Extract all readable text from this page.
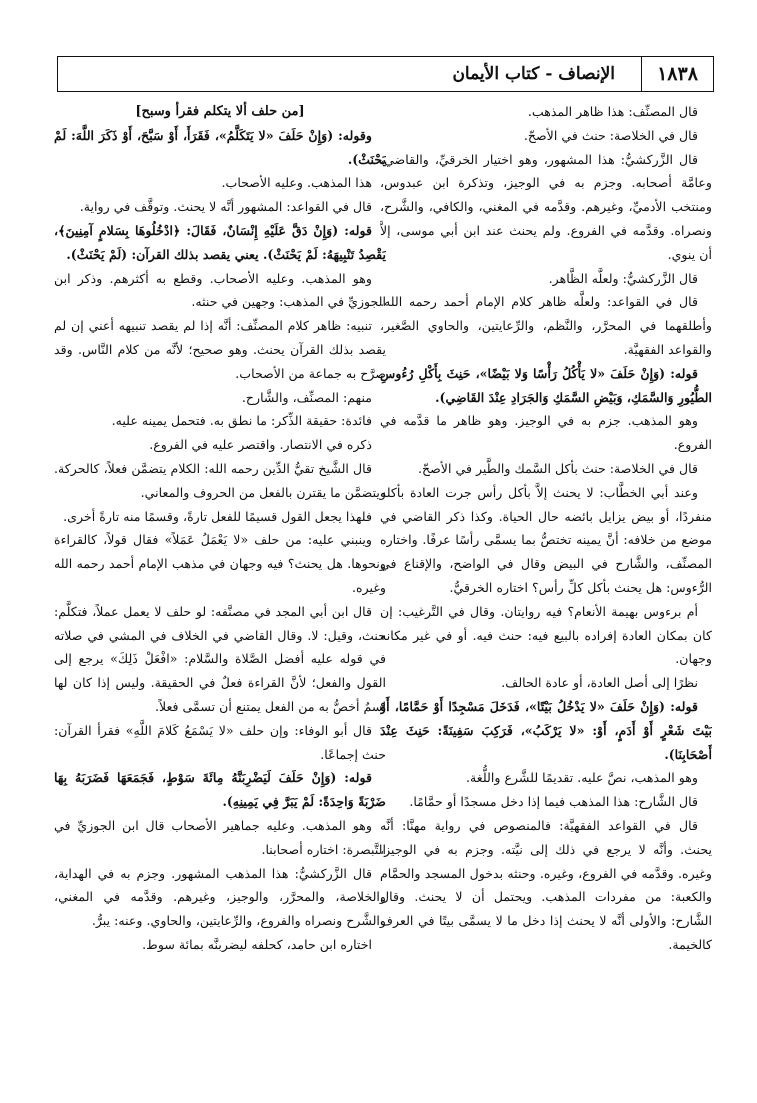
١٨٣٨
الإنصاف - كتاب الأيمان

قال المصنِّف: هذا ظاهر المذهب.

قال في الخلاصة: حنث في الأصحّ.

قال الزَّركشيُّ: هذا المشهور، وهو اختيار الخرقيِّ، والقاضي، وعامَّة أصحابه. وجزم به في الوجيز، وتذكرة ابن عبدوس، ومنتخب الأدميِّ، وغيرهم. وقدَّمه في المغني، والكافي، والشَّرح، ونصراه. وقدَّمه في الفروع. ولم يحنث عند ابن أبي موسى، إلاَّ أن ينوي.

قال الزَّركشيُّ: ولعلَّه الظَّاهر.

قال في القواعد: ولعلَّه ظاهر كلام الإمام أحمد رحمه الله. وأطلقهما في المحرَّر، والنَّظم، والرِّعايتين، والحاوي الصَّغير، والقواعد الفقهيَّة.

قوله: (وَإِنْ حَلَفَ «لا يَأْكُلُ رَأْسًا وَلا بَيْضًا»، حَنِثَ بِأَكْلِ رُءُوسِ الطُّيُورِ وَالسَّمَكِ، وَبَيْضِ السَّمَكِ وَالجَرَادِ عِنْدَ القَاضِي).

وهو المذهب. جزم به في الوجيز. وهو ظاهر ما قدَّمه في الفروع.

قال في الخلاصة: حنث بأكل السَّمك والطَّير في الأصحّ.

وعند أبي الخطَّاب: لا يحنث إلاَّ بأكل رأس جرت العادة بأكله منفردًا، أو بيض يزايل بائضه حال الحياة. وكذا ذكر القاضي في موضع من خلافه: أنَّ يمينه تختصُّ بما يسمَّى رأسًا عرفًا. واختاره المصنِّف، والشَّارح في البيض وقال في الواضح، والإقناع في الرُّءوس: هل يحنث بأكل كلِّ رأس؟ اختاره الخرقيُّ.

أم برءوس بهيمة الأنعام؟ فيه روايتان. وقال في التَّرغيب: إن كان بمكان العادة إفراده بالبيع فيه: حنث فيه. أو في غير مكانه وجهان.

نظرًا إلى أصل العادة، أو عادة الحالف.

قوله: (وَإِنْ حَلَفَ «لا يَدْخُلُ بَيْتًا»، فَدَخَلَ مَسْجِدًا أَوْ حَمَّامًا، أَوْ بَيْتَ شَعْرٍ أَوْ أَدَمٍ، أَوْ: «لا يَرْكَبُ»، فَرَكِبَ سَفِينَةً: حَنِثَ عِنْدَ أَصْحَابِنَا).

وهو المذهب، نصَّ عليه. تقديمًا للشَّرع واللُّغة.

قال الشَّارح: هذا المذهب فيما إذا دخل مسجدًا أو حمَّامًا.

قال في القواعد الفقهيَّة: فالمنصوص في رواية مهنَّا: أنَّه يحنث. وأنَّه لا يرجع في ذلك إلى نيَّته. وجزم به في الوجيز، وغيره. وقدَّمه في الفروع، وغيره. وحنثه بدخول المسجد والحمَّام والكعبة: من مفردات المذهب. ويحتمل أن لا يحنث. وقال الشَّارح: والأولى أنَّه لا يحنث إذا دخل ما لا يسمَّى بيتًا في العرف كالخيمة.

[من حلف ألا يتكلم فقرأ وسبح]

وقوله: (وَإِنْ حَلَفَ «لا يَتَكَلَّمُ»، فَقَرَأَ، أَوْ سَبَّحَ، أَوْ ذَكَرَ اللَّهَ: لَمْ يَحْنَثْ).

هذا المذهب. وعليه الأصحاب.

قال في القواعد: المشهور أنَّه لا يحنث. وتوقَّف في رواية.

قوله: (وَإِنْ دَقَّ عَلَيْهِ إِنْسَانٌ، فَقَالَ: ﴿ادْخُلُوهَا بِسَلامٍ آمِنِينَ﴾، يَقْصِدُ تَنْبِيهَهُ: لَمْ يَحْنَثْ). يعني يقصد بذلك القرآن: (لَمْ يَحْنَثْ).

وهو المذهب. وعليه الأصحاب. وقطع به أكثرهم. وذكر ابن الجوزيِّ في المذهب: وجهين في حنثه.

تنبيه: ظاهر كلام المصنِّف: أنَّه إذا لم يقصد تنبيهه أعني إن لم يقصد بذلك القرآن يحنث. وهو صحيح؛ لأنَّه من كلام النَّاس. وقد صرَّح به جماعة من الأصحاب.

منهم: المصنِّف، والشَّارح.

فائدة: حقيقة الذِّكر: ما نطق به. فتحمل يمينه عليه.

ذكره في الانتصار. واقتصر عليه في الفروع.

قال الشَّيخ تقيُّ الدِّين رحمه الله: الكلام يتضمَّن فعلاً، كالحركة. ويتضمَّن ما يقترن بالفعل من الحروف والمعاني.

فلهذا يجعل القول قسيمًا للفعل تارةً، وقسمًا منه تارةً أخرى.

وينبني عليه: من حلف «لا يَعْمَلُ عَمَلاً» فقال قولاً، كالقراءة ونحوها. هل يحنث؟ فيه وجهان في مذهب الإمام أحمد رحمه الله وغيره.

قال ابن أبي المجد في مصنَّفه: لو حلف لا يعمل عملاً، فتكلَّم: حنث، وقيل: لا. وقال القاضي في الخلاف في المشي في صلاته في قوله عليه أفضل الصَّلاة والسَّلام: «افْعَلْ ذَلِكَ» يرجع إلى القول والفعل؛ لأنَّ القراءة فعلٌ في الحقيقة. وليس إذا كان لها اسمٌ أخصُّ به من الفعل يمتنع أن تسمَّى فعلاً.

قال أبو الوفاء: وإن حلف «لا يَسْمَعُ كَلامَ اللَّهِ» فقرأ القرآن: حنث إجماعًا.

قوله: (وَإِنْ حَلَفَ لَيَضْرِبَنَّهُ مِائَةَ سَوْطٍ، فَجَمَعَهَا فَضَرَبَهُ بِهَا ضَرْبَةً وَاحِدَةً: لَمْ يَبَرَّ فِي يَمِينِهِ).

وهو المذهب. وعليه جماهير الأصحاب قال ابن الجوزيِّ في التَّبصرة: اختاره أصحابنا.

قال الزَّركشيُّ: هذا المذهب المشهور. وجزم به في الهداية، والخلاصة، والمحرَّر، والوجيز، وغيرهم. وقدَّمه في المغني، والشَّرح ونصراه والفروع، والرِّعايتين، والحاوي. وعنه: يبرُّ.

اختاره ابن حامد، كحلفه ليضربنَّه بمائة سوط.
